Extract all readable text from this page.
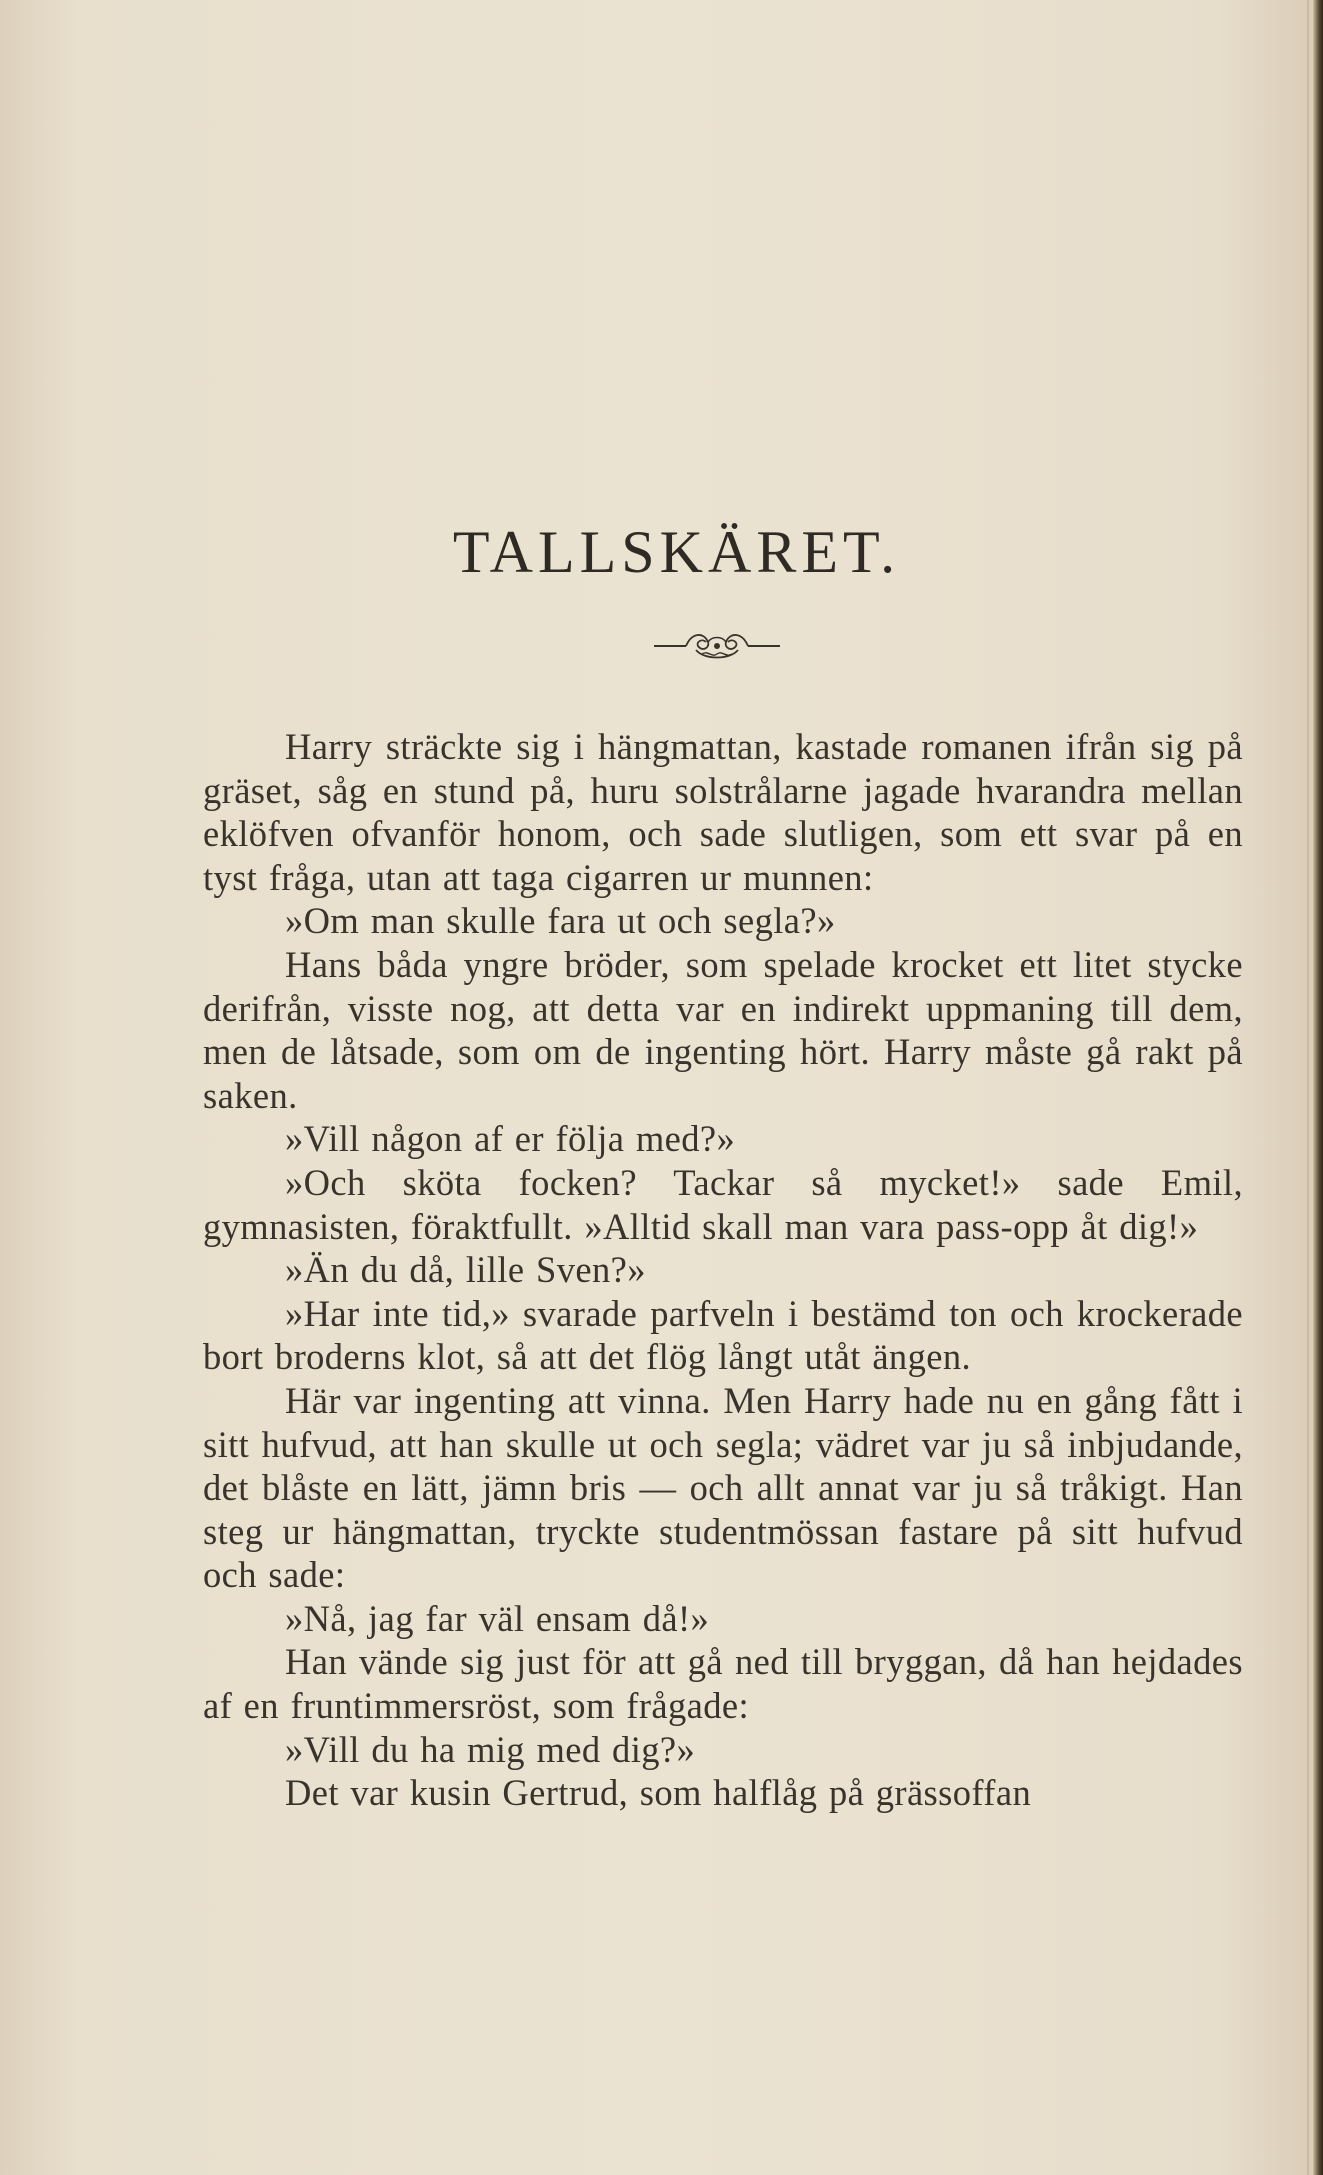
TALLSKÄRET.

Harry sträckte sig i hängmattan, kastade romanen ifrån sig på gräset, såg en stund på, huru solstrålarne jagade hvarandra mellan eklöfven ofvanför honom, och sade slutligen, som ett svar på en tyst fråga, utan att taga cigarren ur munnen:

»Om man skulle fara ut och segla?»

Hans båda yngre bröder, som spelade krocket ett litet stycke derifrån, visste nog, att detta var en indirekt uppmaning till dem, men de låtsade, som om de ingenting hört. Harry måste gå rakt på saken.

»Vill någon af er följa med?»

»Och sköta focken? Tackar så mycket!» sade Emil, gymnasisten, föraktfullt. »Alltid skall man vara pass-opp åt dig!»

»Än du då, lille Sven?»

»Har inte tid,» svarade parfveln i bestämd ton och krockerade bort broderns klot, så att det flög långt utåt ängen.

Här var ingenting att vinna. Men Harry hade nu en gång fått i sitt hufvud, att han skulle ut och segla; vädret var ju så inbjudande, det blåste en lätt, jämn bris — och allt annat var ju så tråkigt. Han steg ur hängmattan, tryckte studentmössan fastare på sitt hufvud och sade:

»Nå, jag far väl ensam då!»

Han vände sig just för att gå ned till bryggan, då han hejdades af en fruntimmersröst, som frågade:

»Vill du ha mig med dig?»

Det var kusin Gertrud, som halflåg på grässoffan
